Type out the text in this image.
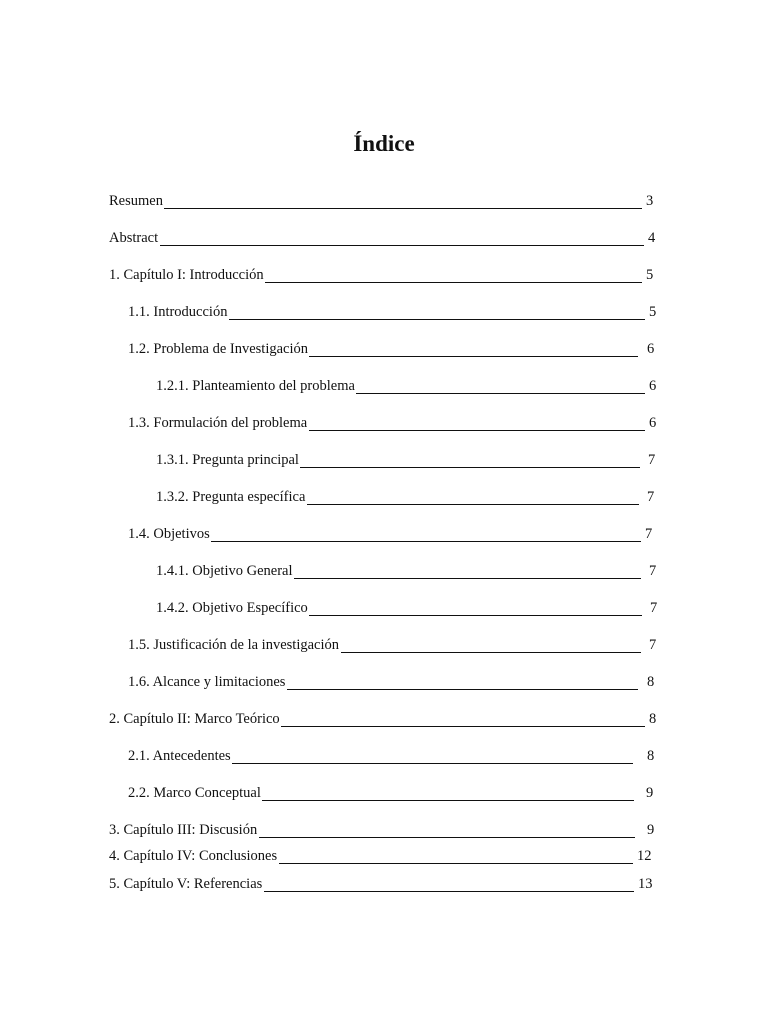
Índice
Resumen	3
Abstract	4
1. Capítulo I: Introducción	5
1.1. Introducción	5
1.2. Problema de Investigación	6
1.2.1. Planteamiento del problema	6
1.3. Formulación del problema	6
1.3.1. Pregunta principal	7
1.3.2. Pregunta específica	7
1.4. Objetivos	7
1.4.1. Objetivo General	7
1.4.2. Objetivo Específico	7
1.5. Justificación de la investigación	7
1.6. Alcance y limitaciones	8
2. Capítulo II: Marco Teórico	8
2.1. Antecedentes	8
2.2. Marco Conceptual	9
3. Capítulo III: Discusión	9
4. Capítulo IV: Conclusiones	12
5. Capítulo V: Referencias	13
